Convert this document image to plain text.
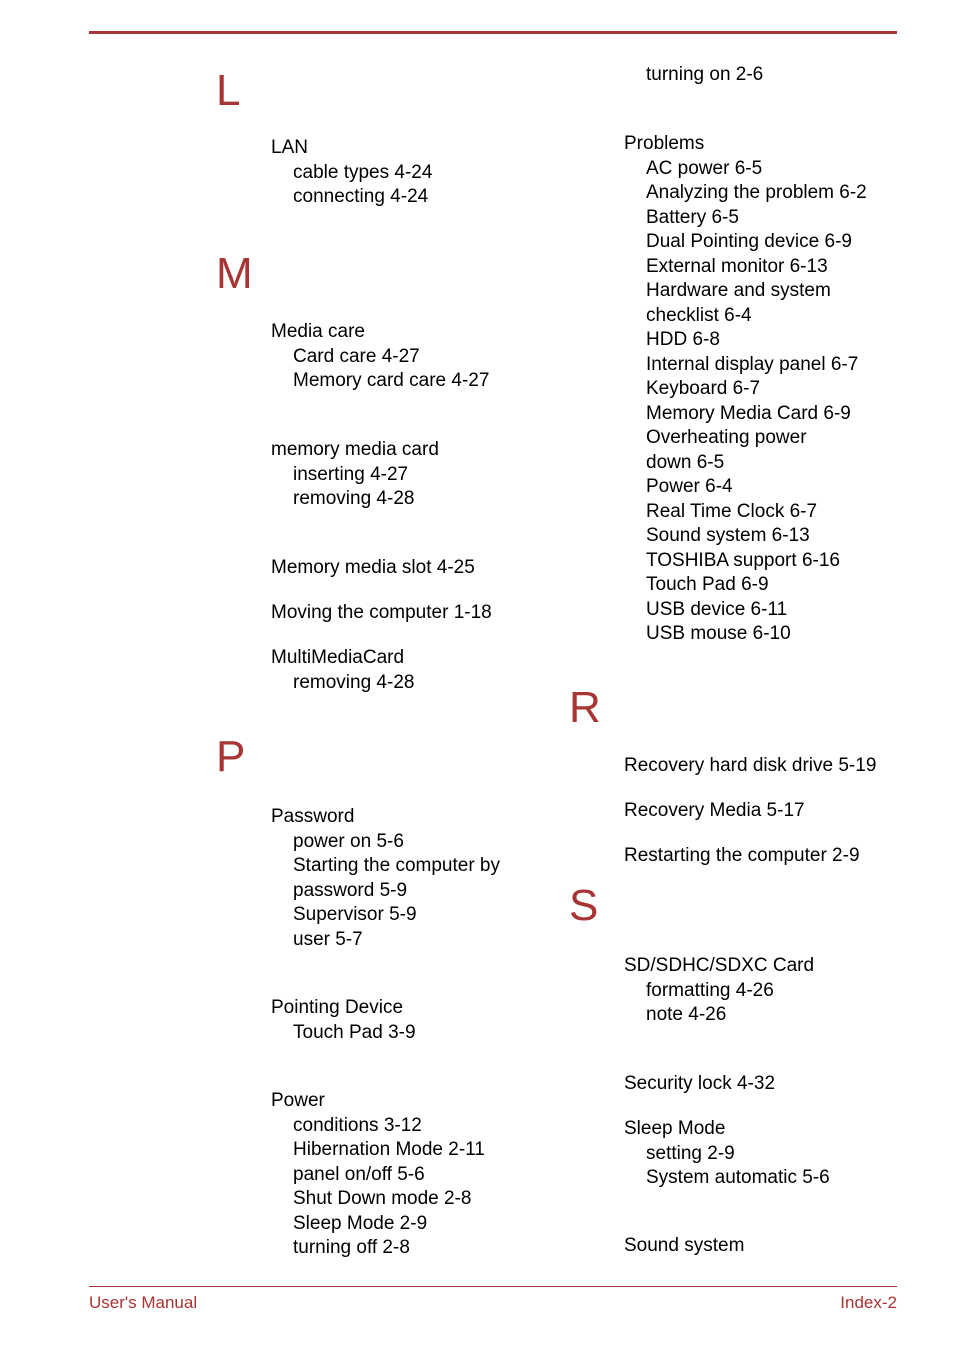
L
M
P
LAN
cable types 4-24
connecting 4-24
Media care
Card care 4-27
Memory card care 4-27
memory media card
inserting 4-27
removing 4-28
Memory media slot 4-25
Moving the computer 1-18
MultiMediaCard
removing 4-28
Password
power on 5-6
Starting the computer by
password 5-9
Supervisor 5-9
user 5-7
Pointing Device
Touch Pad 3-9
Power
conditions 3-12
Hibernation Mode 2-11
panel on/off 5-6
Shut Down mode 2-8
Sleep Mode 2-9
turning off 2-8
R
S
turning on 2-6
Problems
AC power 6-5
Analyzing the problem 6-2
Battery 6-5
Dual Pointing device 6-9
External monitor 6-13
Hardware and system
checklist 6-4
HDD 6-8
Internal display panel 6-7
Keyboard 6-7
Memory Media Card 6-9
Overheating power
down 6-5
Power 6-4
Real Time Clock 6-7
Sound system 6-13
TOSHIBA support 6-16
Touch Pad 6-9
USB device 6-11
USB mouse 6-10
Recovery hard disk drive 5-19
Recovery Media 5-17
Restarting the computer 2-9
SD/SDHC/SDXC Card
formatting 4-26
note 4-26
Security lock 4-32
Sleep Mode
setting 2-9
System automatic 5-6
Sound system
User's Manual	Index-2
